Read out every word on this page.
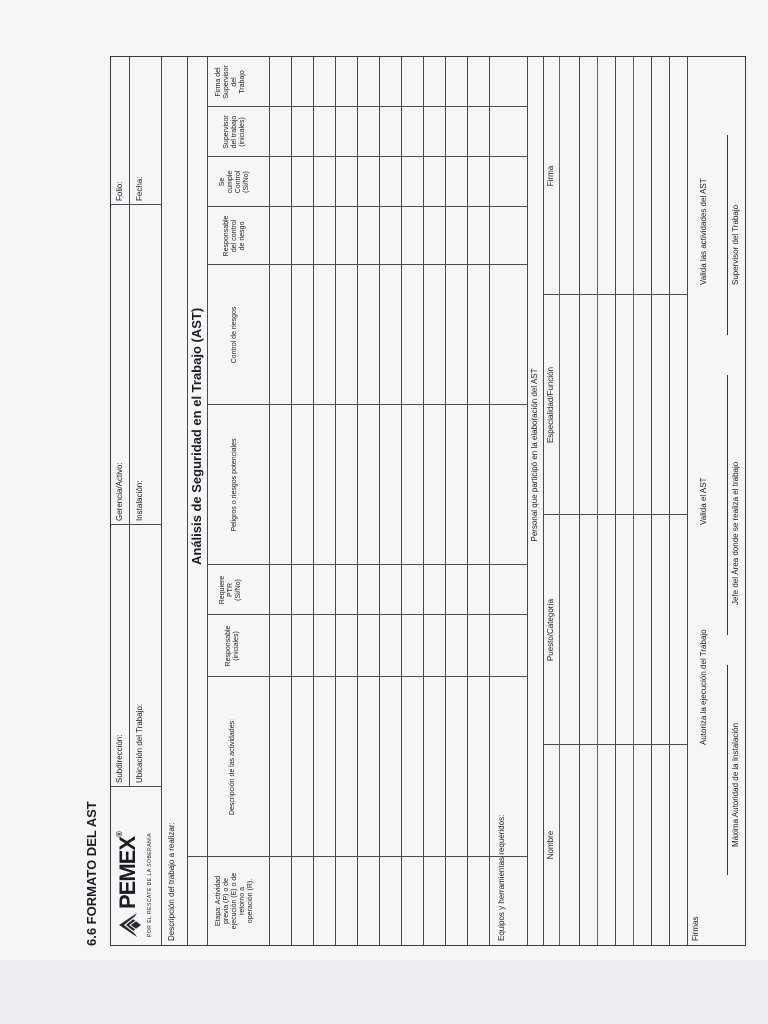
6.6 FORMATO DEL AST PEMEX®	POR EL RESCATE DE LA SOBERANÍA
Subdirección:
Gerencia/Activo:
Folio:
Ubicación del Trabajo:
Instalación:
Fecha:
Descripción del trabajo a realizar:
Análisis de Seguridad en el Trabajo (AST)
Etapa: Actividad previa (P) o de ejecución (E) o de retorno a operación (R).
Descripción de las actividades:
Responsable (iniciales)
Requiere PTR (Si/No)
Peligros o riesgos potenciales
Control de riesgos
Responsable del control de riesgo
Se cumple Control (Si/No)
Supervisor del trabajo (iniciales)
Firma del Supervisor del Trabajo
Equipos y herramientas requeridos:
Personal que participó en la elaboración del AST
Nombre
Puesto/Categoría
Especialidad/Función
Firma
Firmas
Autoriza la ejecución del Trabajo
Valida el AST
Valida las actividades del AST
Máxima Autoridad de la Instalación
Jefe del Área donde se realiza el trabajo
Supervisor del Trabajo
